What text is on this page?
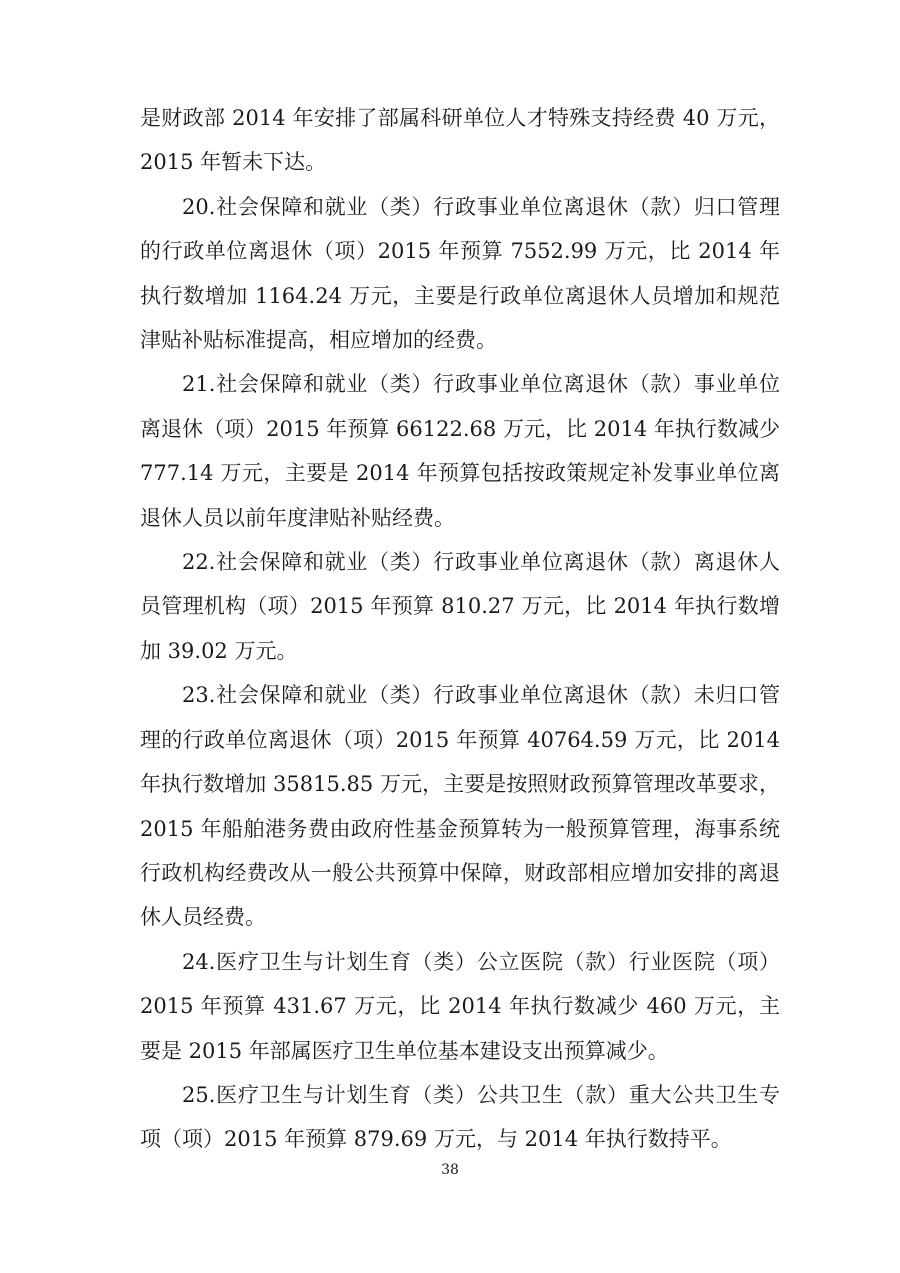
是财政部 2014 年安排了部属科研单位人才特殊支持经费 40 万元，2015 年暂未下达。

20.社会保障和就业（类）行政事业单位离退休（款）归口管理的行政单位离退休（项）2015 年预算 7552.99 万元，比 2014 年执行数增加 1164.24 万元，主要是行政单位离退休人员增加和规范津贴补贴标准提高，相应增加的经费。

21.社会保障和就业（类）行政事业单位离退休（款）事业单位离退休（项）2015 年预算 66122.68 万元，比 2014 年执行数减少 777.14 万元，主要是 2014 年预算包括按政策规定补发事业单位离退休人员以前年度津贴补贴经费。

22.社会保障和就业（类）行政事业单位离退休（款）离退休人员管理机构（项）2015 年预算 810.27 万元，比 2014 年执行数增加 39.02 万元。

23.社会保障和就业（类）行政事业单位离退休（款）未归口管理的行政单位离退休（项）2015 年预算 40764.59 万元，比 2014 年执行数增加 35815.85 万元，主要是按照财政预算管理改革要求，2015 年船舶港务费由政府性基金预算转为一般预算管理，海事系统行政机构经费改从一般公共预算中保障，财政部相应增加安排的离退休人员经费。

24.医疗卫生与计划生育（类）公立医院（款）行业医院（项）2015 年预算 431.67 万元，比 2014 年执行数减少 460 万元，主要是 2015 年部属医疗卫生单位基本建设支出预算减少。

25.医疗卫生与计划生育（类）公共卫生（款）重大公共卫生专项（项）2015 年预算 879.69 万元，与 2014 年执行数持平。

38
